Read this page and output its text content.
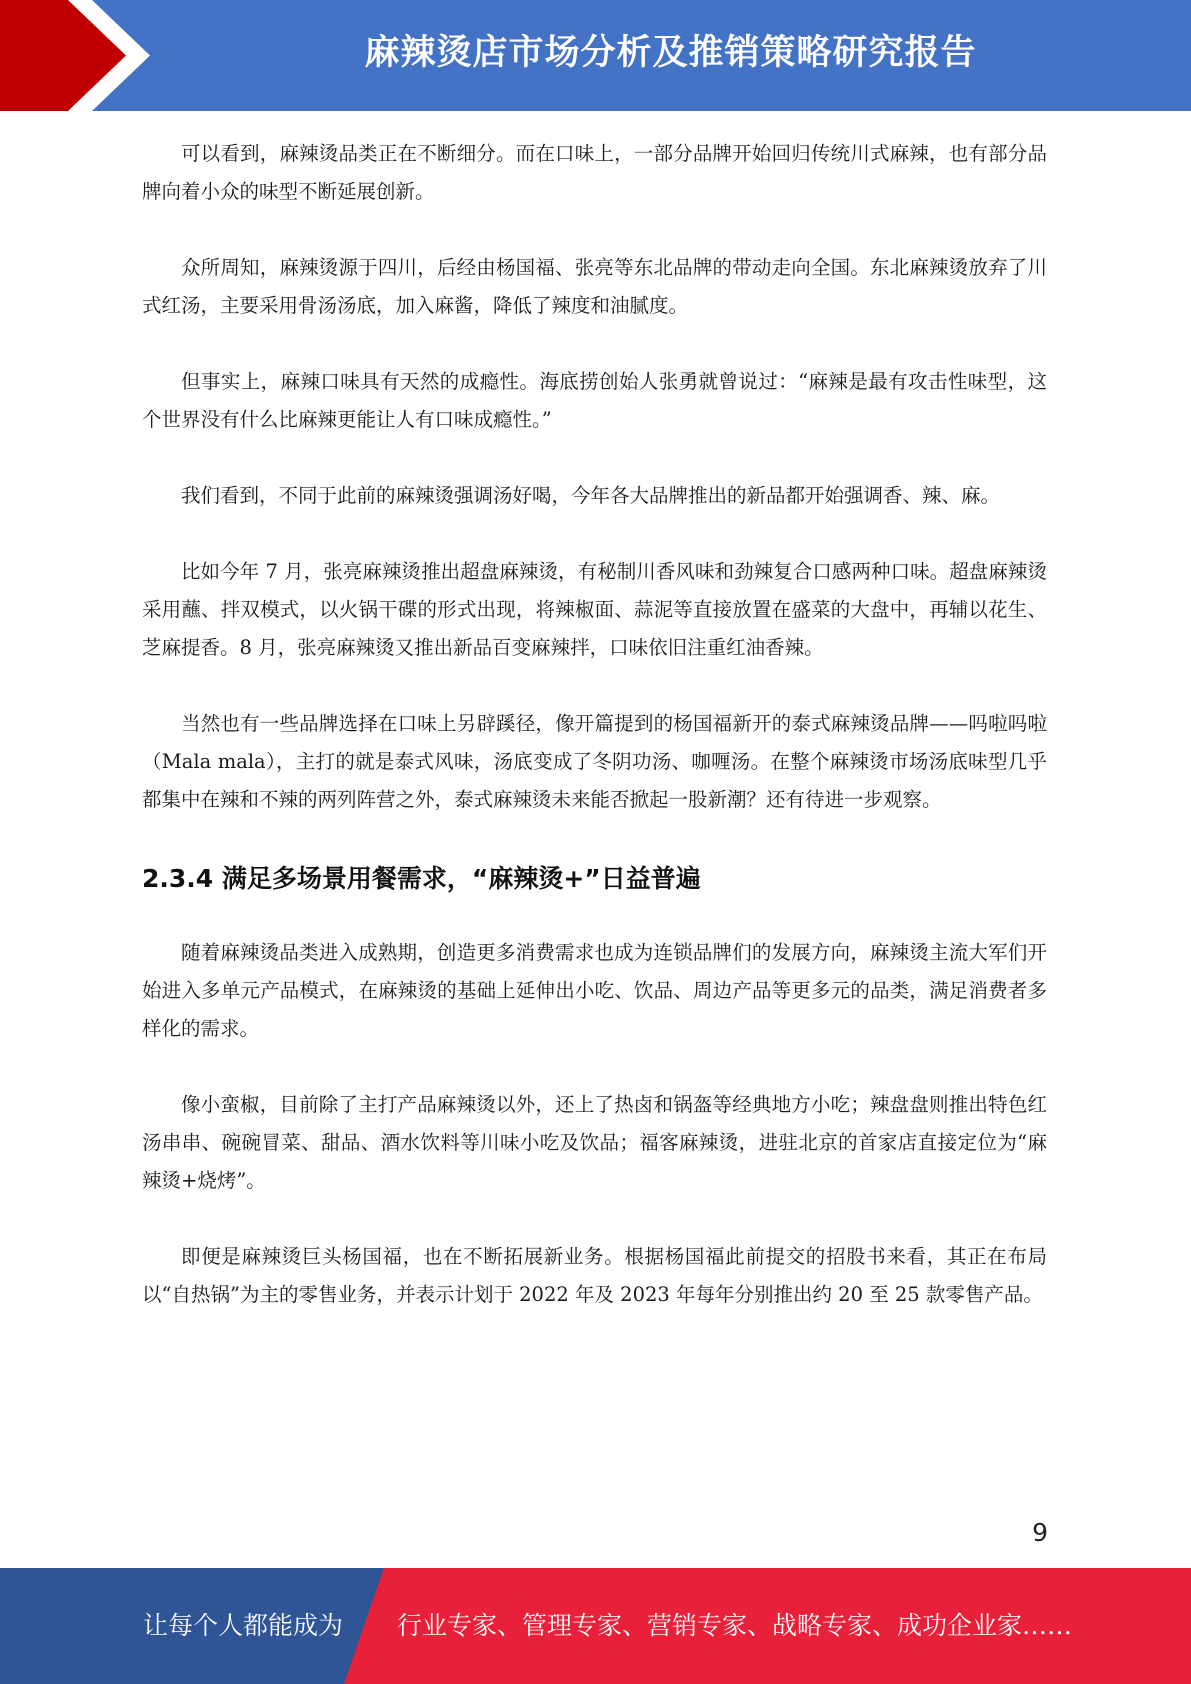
麻辣烫店市场分析及推销策略研究报告

可以看到，麻辣烫品类正在不断细分。而在口味上，一部分品牌开始回归传统川式麻辣，也有部分品牌向着小众的味型不断延展创新。

众所周知，麻辣烫源于四川，后经由杨国福、张亮等东北品牌的带动走向全国。东北麻辣烫放弃了川式红汤，主要采用骨汤汤底，加入麻酱，降低了辣度和油腻度。

但事实上，麻辣口味具有天然的成瘾性。海底捞创始人张勇就曾说过：“麻辣是最有攻击性味型，这个世界没有什么比麻辣更能让人有口味成瘾性。”

我们看到，不同于此前的麻辣烫强调汤好喝，今年各大品牌推出的新品都开始强调香、辣、麻。

比如今年 7 月，张亮麻辣烫推出超盘麻辣烫，有秘制川香风味和劲辣复合口感两种口味。超盘麻辣烫采用蘸、拌双模式，以火锅干碟的形式出现，将辣椒面、蒜泥等直接放置在盛菜的大盘中，再辅以花生、芝麻提香。8 月，张亮麻辣烫又推出新品百变麻辣拌，口味依旧注重红油香辣。

当然也有一些品牌选择在口味上另辟蹊径，像开篇提到的杨国福新开的泰式麻辣烫品牌——吗啦吗啦（Mala mala），主打的就是泰式风味，汤底变成了冬阴功汤、咖喱汤。在整个麻辣烫市场汤底味型几乎都集中在辣和不辣的两列阵营之外，泰式麻辣烫未来能否掀起一股新潮？还有待进一步观察。

2.3.4 满足多场景用餐需求，“麻辣烫+”日益普遍

随着麻辣烫品类进入成熟期，创造更多消费需求也成为连锁品牌们的发展方向，麻辣烫主流大军们开始进入多单元产品模式，在麻辣烫的基础上延伸出小吃、饮品、周边产品等更多元的品类，满足消费者多样化的需求。

像小蛮椒，目前除了主打产品麻辣烫以外，还上了热卤和锅盔等经典地方小吃；辣盘盘则推出特色红汤串串、碗碗冒菜、甜品、酒水饮料等川味小吃及饮品；福客麻辣烫，进驻北京的首家店直接定位为“麻辣烫+烧烤”。

即便是麻辣烫巨头杨国福，也在不断拓展新业务。根据杨国福此前提交的招股书来看，其正在布局以“自热锅”为主的零售业务，并表示计划于 2022 年及 2023 年每年分别推出约 20 至 25 款零售产品。

9
让每个人都能成为 行业专家、管理专家、营销专家、战略专家、成功企业家……
